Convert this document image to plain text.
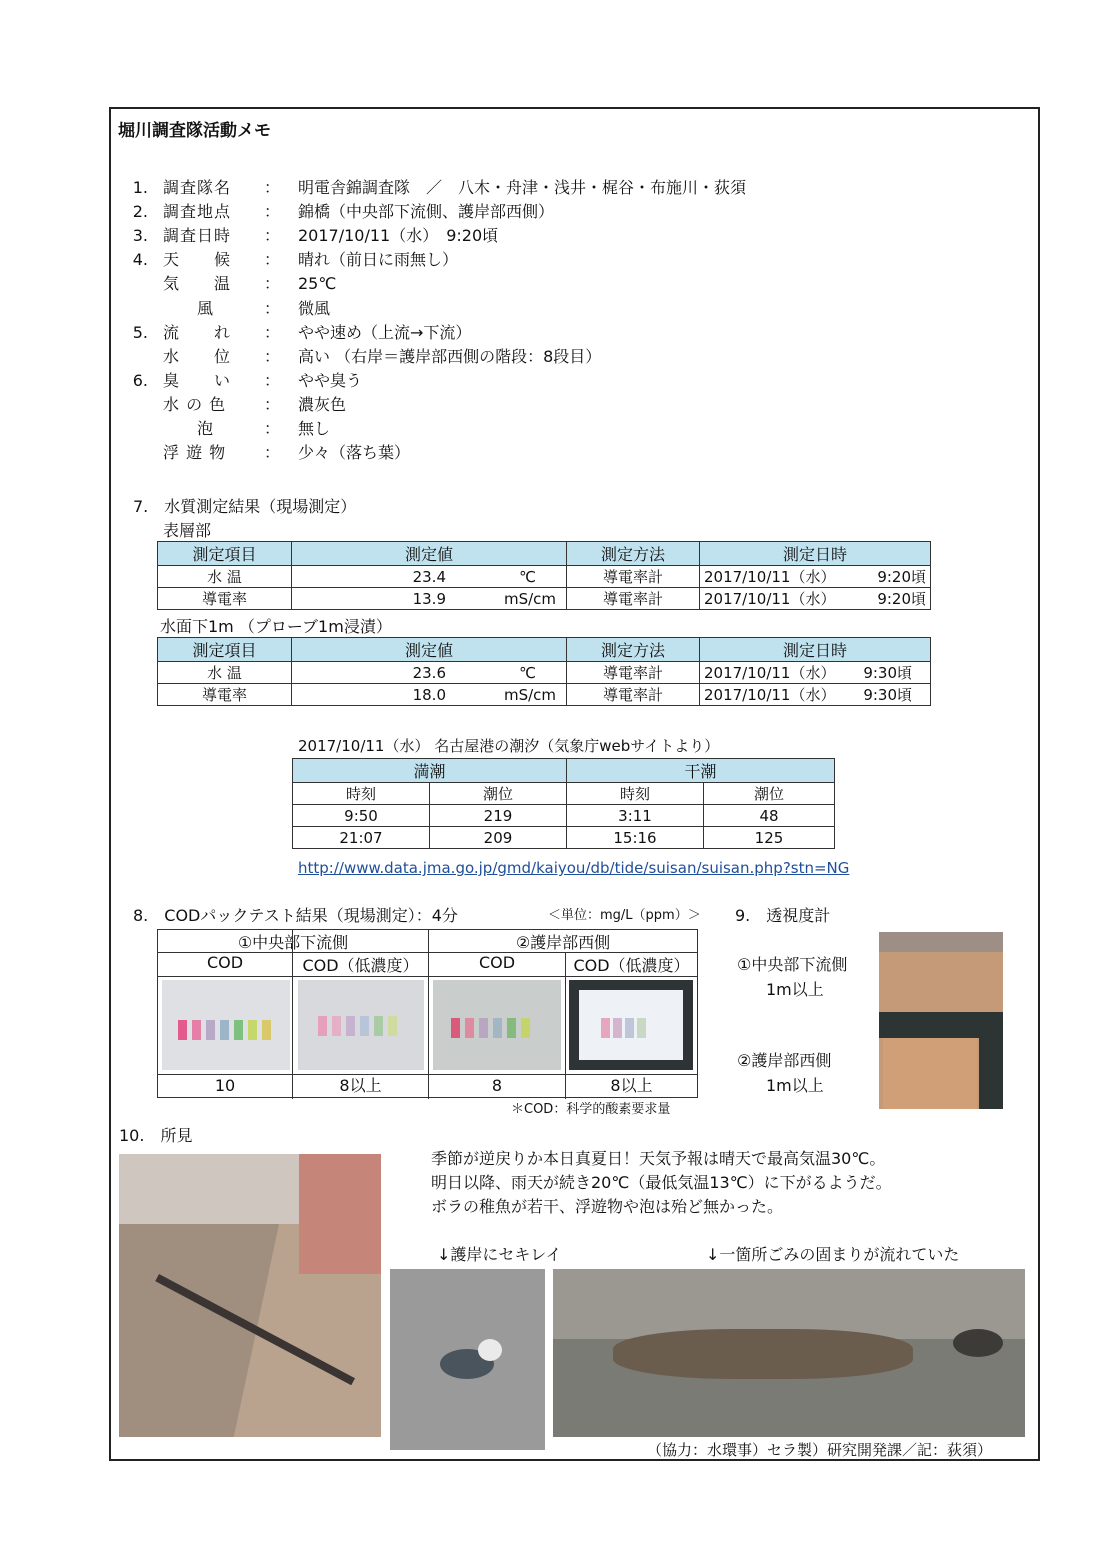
堀川調査隊活動メモ
1. 調査隊名 ： 明電舎錦調査隊　／　八木・舟津・浅井・梶谷・布施川・荻須
2. 調査地点 ： 錦橋（中央部下流側、護岸部西側）
3. 調査日時 ： 2017/10/11（水）　9:20頃
4. 天　　候 ： 晴れ（前日に雨無し）
気　　温 ： 25℃
　　風	： 微風
5. 流　　れ ： やや速め（上流→下流）
水　　位 ： 高い （右岸＝護岸部西側の階段：8段目）
6. 臭　　い ： やや臭う
水 の 色 ： 濃灰色
　　泡	： 無し
浮 遊 物 ： 少々（落ち葉）
7.　水質測定結果（現場測定）
表層部
測定項目	測定値	測定方法	測定日時
水 温	23.4 ℃	導電率計	2017/10/11（水） 9:20頃

導電率	13.9 mS/cm	導電率計	2017/10/11（水） 9:20頃
水面下1m （プローブ1m浸漬）
測定項目	測定値	測定方法	測定日時
水 温	23.6 ℃	導電率計	2017/10/11（水） 9:30頃

導電率	18.0 mS/cm	導電率計	2017/10/11（水） 9:30頃
2017/10/11（水） 名古屋港の潮汐（気象庁webサイトより）
満潮		干潮	
時刻	潮位	時刻	潮位
9:50	219	3:11	48
21:07	209	15:16	125
http://www.data.jma.go.jp/gmd/kaiyou/db/tide/suisan/suisan.php?stn=NG
8.　CODパックテスト結果（現場測定）：4分	＜単位：mg/L（ppm）＞
①中央部下流側	②護岸部西側
COD	COD（低濃度）	COD	COD（低濃度）
10	8以上	8	8以上
＊COD：科学的酸素要求量
9.　透視度計
①中央部下流側
1m以上
②護岸部西側
1m以上
10.　所見
季節が逆戻りか本日真夏日！天気予報は晴天で最高気温30℃。
明日以降、雨天が続き20℃（最低気温13℃）に下がるようだ。
ボラの稚魚が若干、浮遊物や泡は殆ど無かった。
↓護岸にセキレイ	↓一箇所ごみの固まりが流れていた
（協力：水環事）セラ製）研究開発課／記：荻須）
